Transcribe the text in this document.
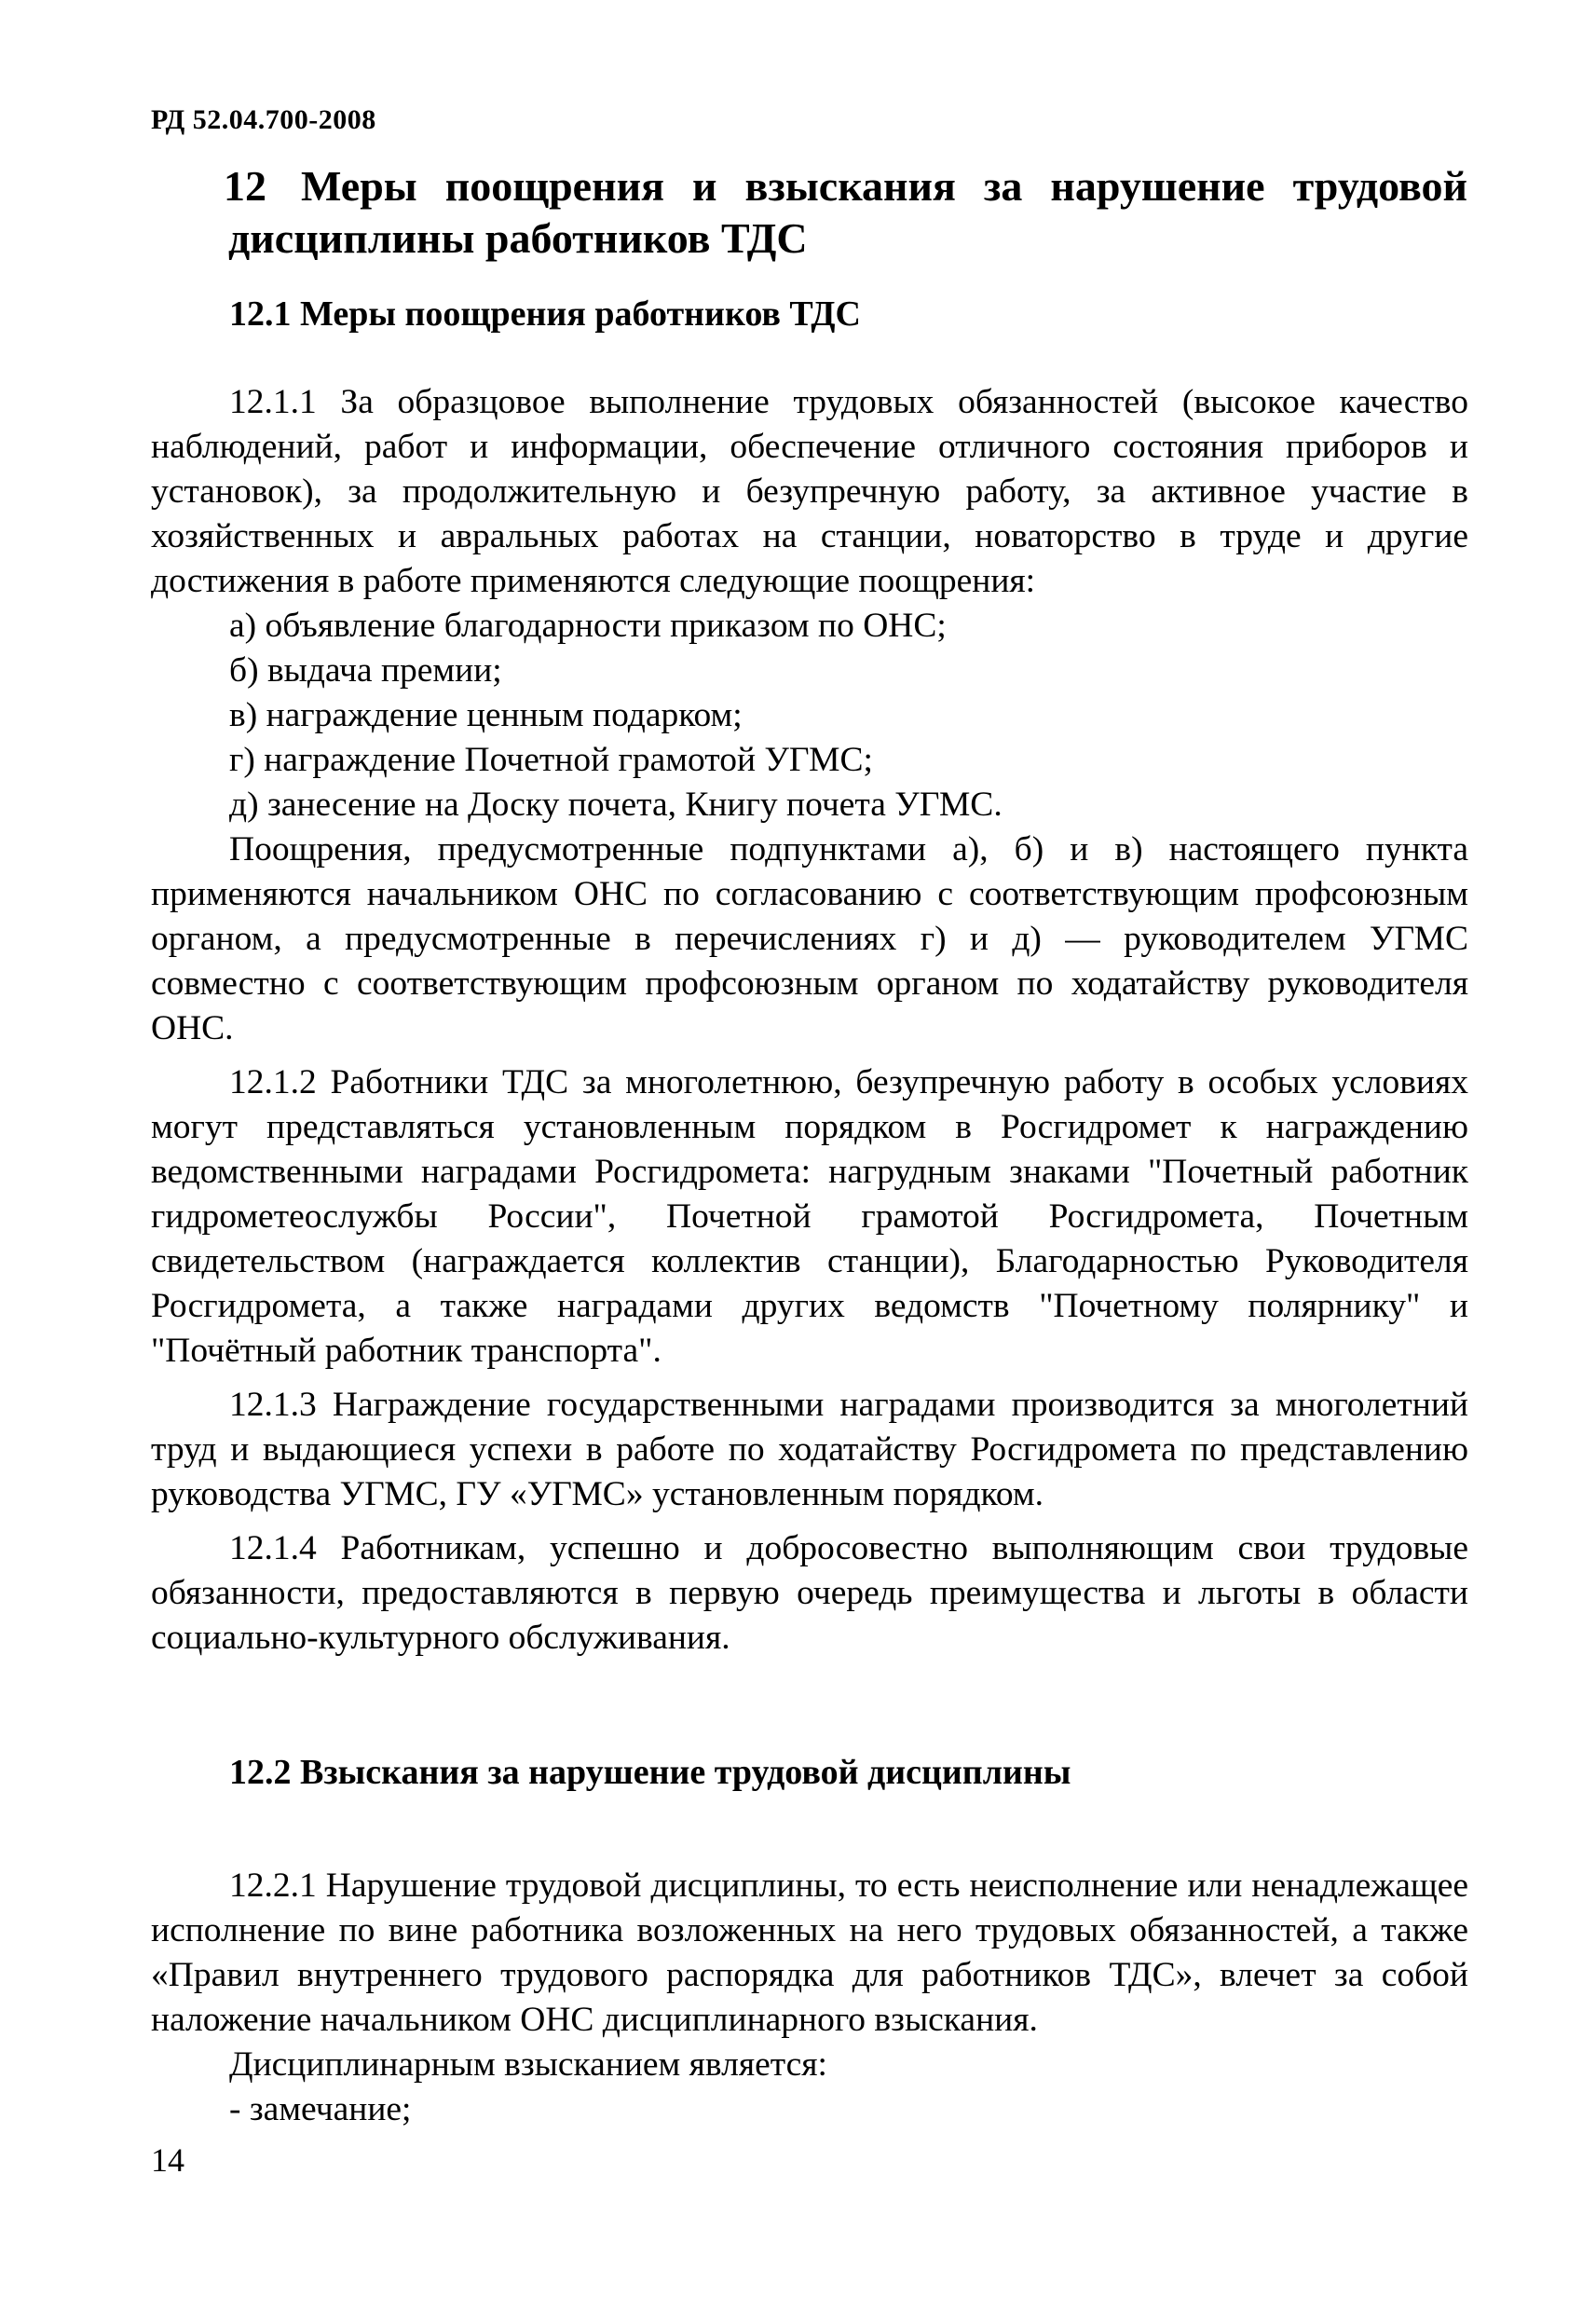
РД 52.04.700-2008
12 Меры поощрения и взыскания за нарушение трудовой
дисциплины работников ТДС
12.1 Меры поощрения работников ТДС

12.1.1 За образцовое выполнение трудовых обязанностей (высокое качество наблюдений, работ и информации, обеспечение отличного состояния приборов и установок), за продолжительную и безупречную работу, за активное участие в хозяйственных и авральных работах на станции, новаторство в труде и другие достижения в работе применяются следующие поощрения:

а) объявление благодарности приказом по ОНС;

б) выдача премии;

в) награждение ценным подарком;

г) награждение Почетной грамотой УГМС;

д) занесение на Доску почета, Книгу почета УГМС.

Поощрения, предусмотренные подпунктами а), б) и в) настоящего пункта применяются начальником ОНС по согласованию с соответствующим профсоюзным органом, а предусмотренные в перечислениях г) и д) — руководителем УГМС совместно с соответствующим профсоюзным органом по ходатайству руководителя ОНС.

12.1.2 Работники ТДС за многолетнюю, безупречную работу в особых условиях могут представляться установленным порядком в Росгидромет к награждению ведомственными наградами Росгидромета: нагрудным знаками "Почетный работник гидрометеослужбы России", Почетной грамотой Росгидромета, Почетным свидетельством (награждается коллектив станции), Благодарностью Руководителя Росгидромета, а также наградами других ведомств "Почетному полярнику" и "Почётный работник транспорта".

12.1.3 Награждение государственными наградами производится за многолетний труд и выдающиеся успехи в работе по ходатайству Росгидромета по представлению руководства УГМС, ГУ «УГМС» установленным порядком.

12.1.4 Работникам, успешно и добросовестно выполняющим свои трудовые обязанности, предоставляются в первую очередь преимущества и льготы в области социально-культурного обслуживания.

12.2 Взыскания за нарушение трудовой дисциплины

12.2.1 Нарушение трудовой дисциплины, то есть неисполнение или ненадлежащее исполнение по вине работника возложенных на него трудовых обязанностей, а также «Правил внутреннего трудового распорядка для работников ТДС», влечет за собой наложение начальником ОНС дисциплинарного взыскания.

Дисциплинарным взысканием является:

- замечание;

14
